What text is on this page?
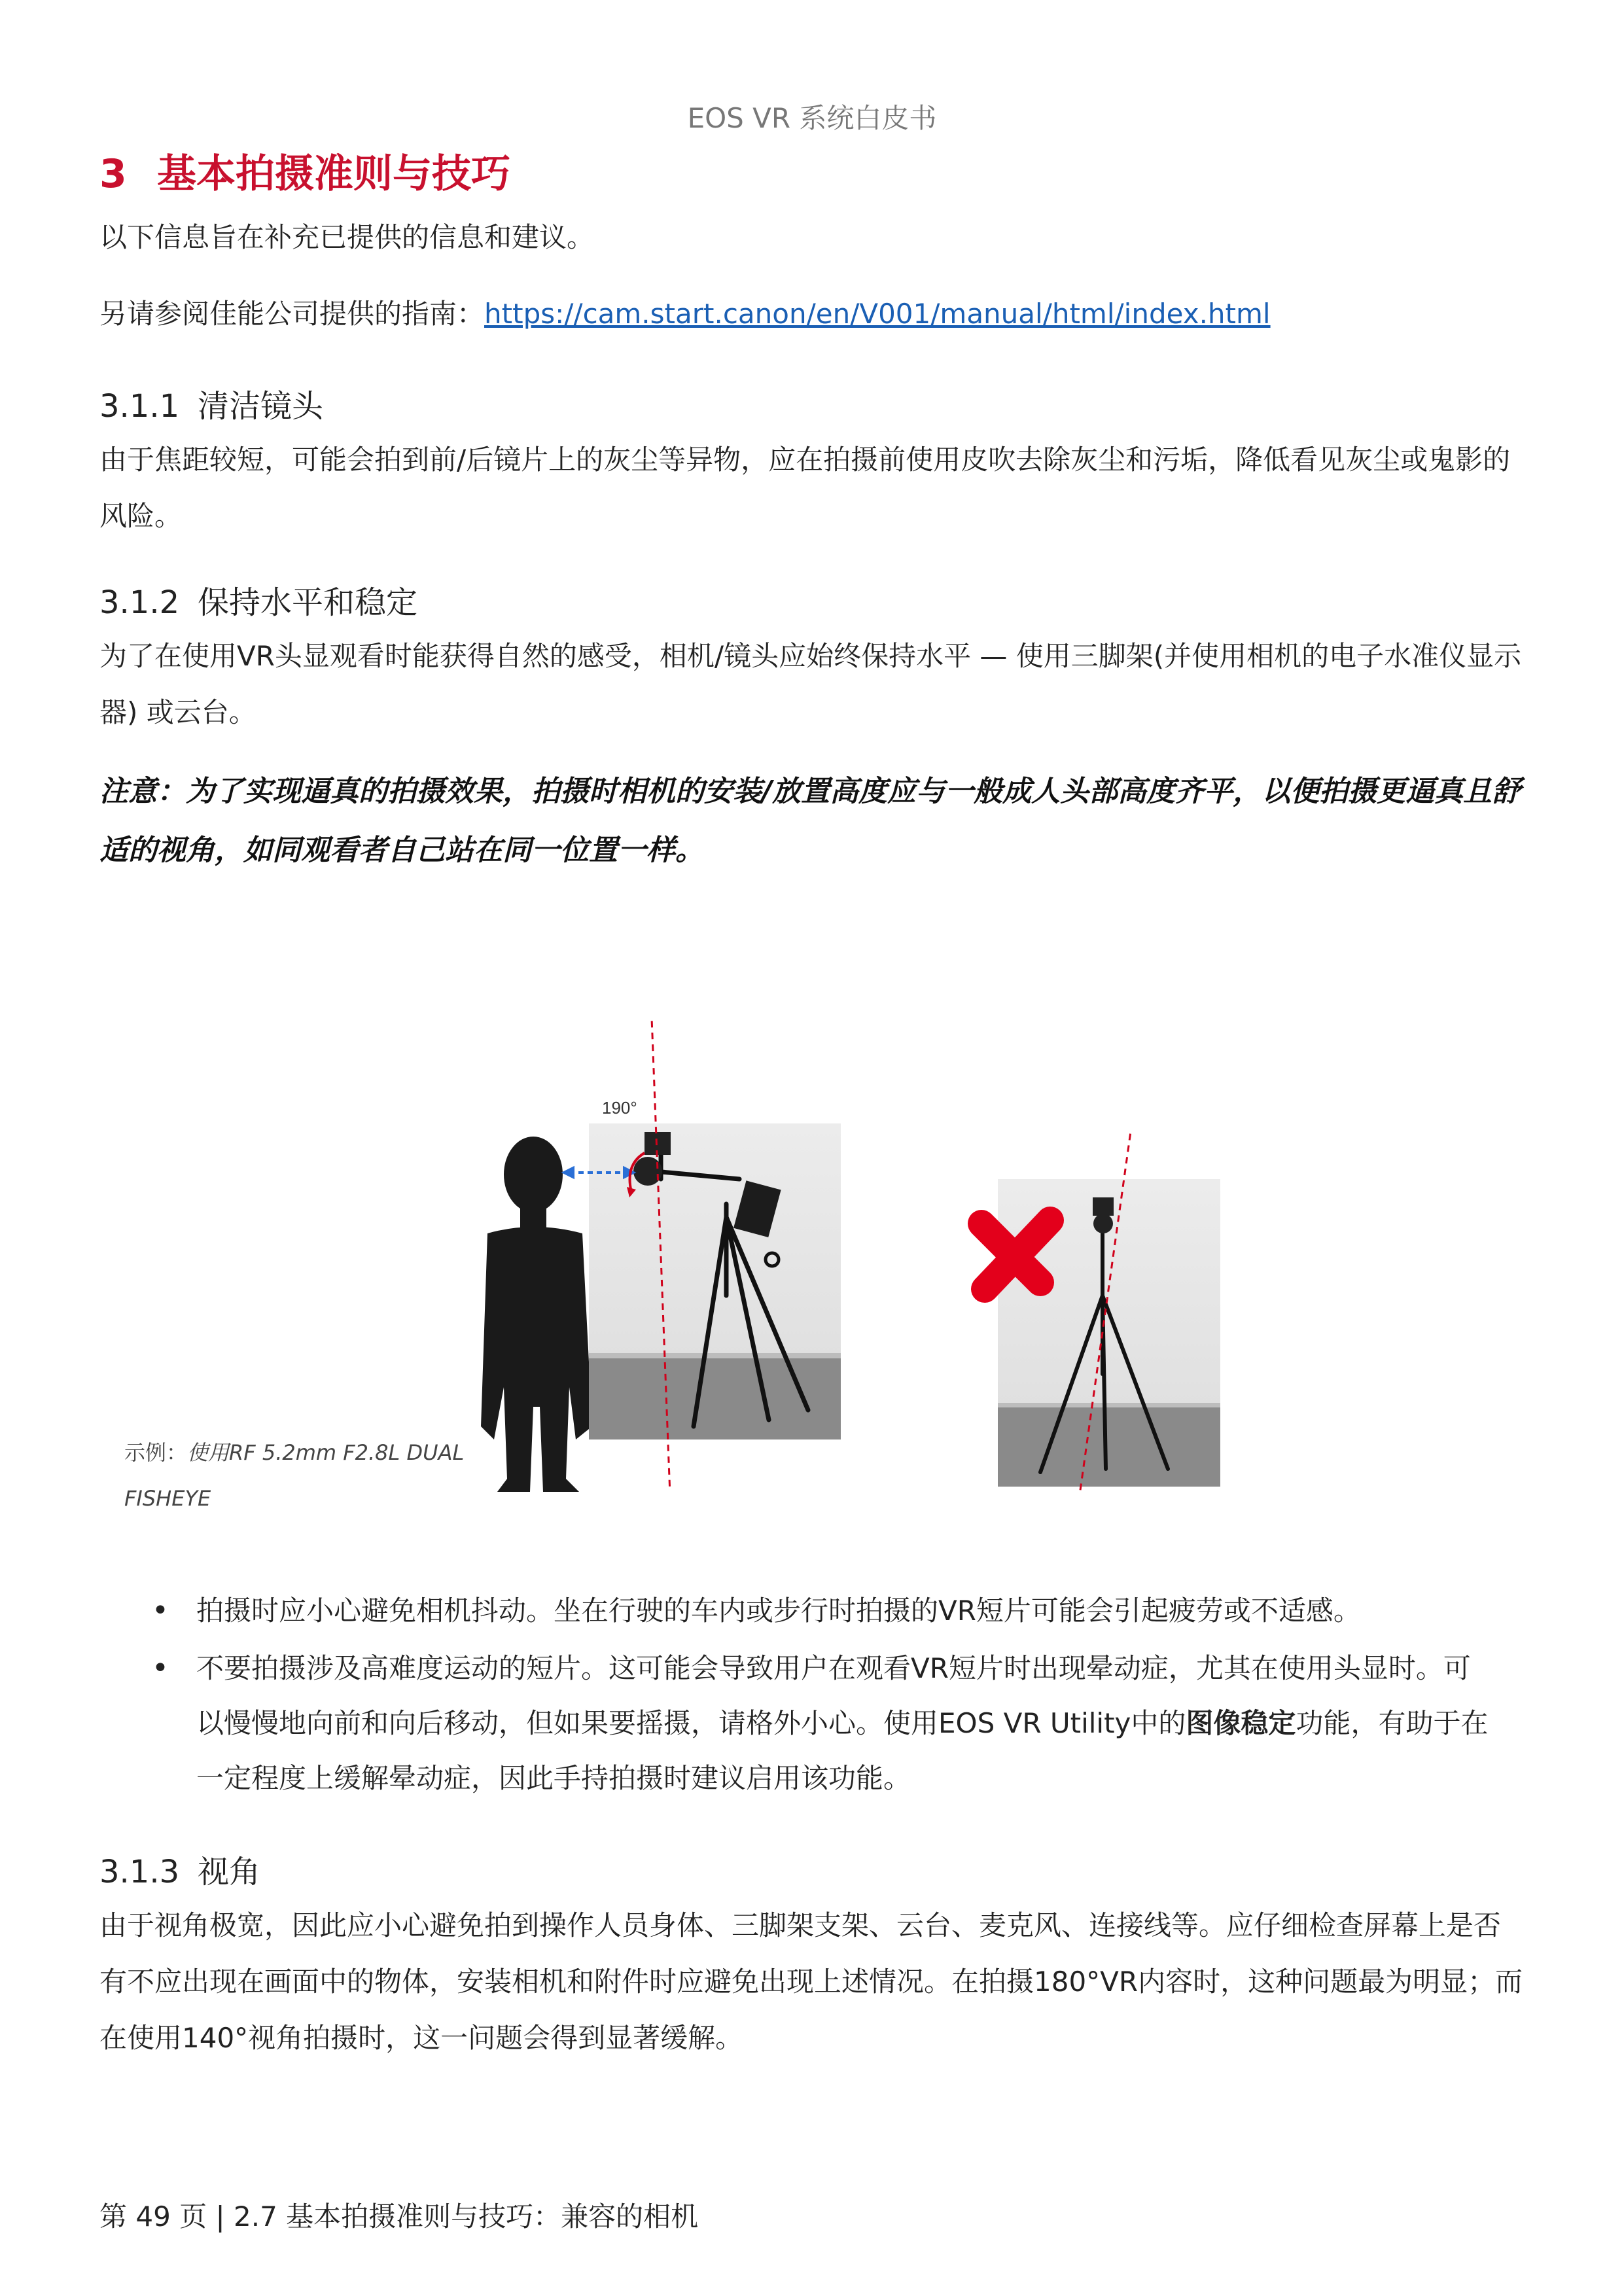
EOS VR 系统白皮书
3 基本拍摄准则与技巧
以下信息旨在补充已提供的信息和建议。
另请参阅佳能公司提供的指南：https://cam.start.canon/en/V001/manual/html/index.html
3.1.1 清洁镜头
由于焦距较短，可能会拍到前/后镜片上的灰尘等异物，应在拍摄前使用皮吹去除灰尘和污垢，降低看见灰尘或鬼影的风险。
3.1.2 保持水平和稳定
为了在使用VR头显观看时能获得自然的感受，相机/镜头应始终保持水平 — 使用三脚架(并使用相机的电子水准仪显示器) 或云台。
注意：为了实现逼真的拍摄效果，拍摄时相机的安装/放置高度应与一般成人头部高度齐平，以便拍摄更逼真且舒适的视角，如同观看者自己站在同一位置一样。
190°
示例：使用RF 5.2mm F2.8L DUAL
FISHEYE
• 拍摄时应小心避免相机抖动。坐在行驶的车内或步行时拍摄的VR短片可能会引起疲劳或不适感。
• 不要拍摄涉及高难度运动的短片。这可能会导致用户在观看VR短片时出现晕动症，尤其在使用头显时。可以慢慢地向前和向后移动，但如果要摇摄，请格外小心。使用EOS VR Utility中的图像稳定功能，有助于在一定程度上缓解晕动症，因此手持拍摄时建议启用该功能。
3.1.3 视角
由于视角极宽，因此应小心避免拍到操作人员身体、三脚架支架、云台、麦克风、连接线等。应仔细检查屏幕上是否有不应出现在画面中的物体，安装相机和附件时应避免出现上述情况。在拍摄180°VR内容时，这种问题最为明显；而在使用140°视角拍摄时，这一问题会得到显著缓解。
第 49 页 | 2.7 基本拍摄准则与技巧：兼容的相机
